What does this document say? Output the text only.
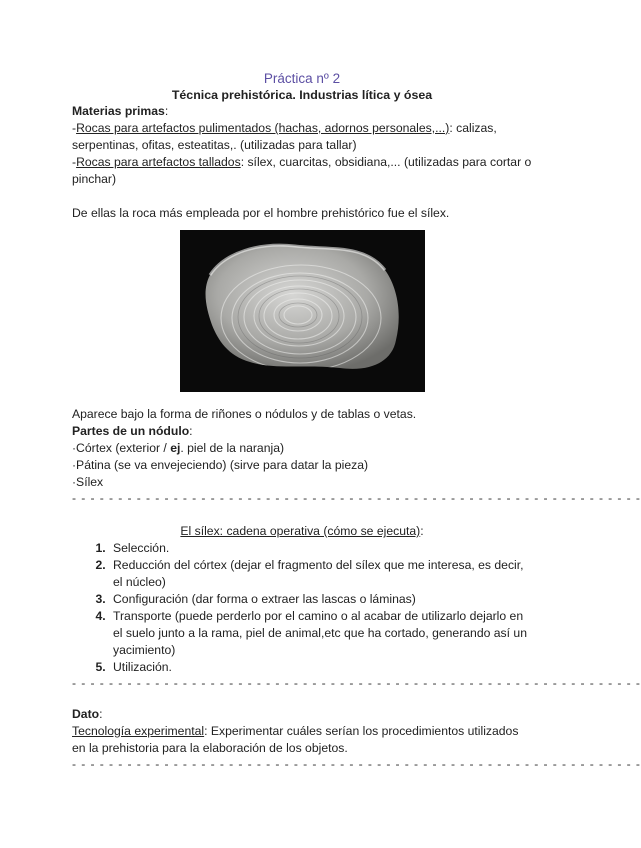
Práctica nº 2
Técnica prehistórica. Industrias lítica y ósea

Materias primas:

-Rocas para artefactos pulimentados (hachas, adornos personales,...): calizas, serpentinas, ofitas, esteatitas,. (utilizadas para tallar)

-Rocas para artefactos tallados: sílex, cuarcitas, obsidiana,... (utilizadas para cortar o pinchar)

De ellas la roca más empleada por el hombre prehistórico fue el sílex.

Aparece bajo la forma de riñones o nódulos y de tablas o vetas.

Partes de un nódulo:

·Córtex (exterior / ej. piel de la naranja)

·Pátina (se va envejeciendo) (sirve para datar la pieza)

·Sílex

- - - - - - - - - - - - - - - - - - - - - - - - - - - - - - - - - - - - - - - - - - - - - - - - - - - - - - - - - - - - - -

El sílex: cadena operativa (cómo se ejecuta):

1. Selección.
2. Reducción del córtex (dejar el fragmento del sílex que me interesa, es decir, el núcleo)
3. Configuración (dar forma o extraer las lascas o láminas)
4. Transporte (puede perderlo por el camino o al acabar de utilizarlo dejarlo en el suelo junto a la rama, piel de animal,etc que ha cortado, generando así un yacimiento)
5. Utilización.
- - - - - - - - - - - - - - - - - - - - - - - - - - - - - - - - - - - - - - - - - - - - - - - - - - - - - - - - - - - - - -

Dato:

Tecnología experimental: Experimentar cuáles serían los procedimientos utilizados en la prehistoria para la elaboración de los objetos.

- - - - - - - - - - - - - - - - - - - - - - - - - - - - - - - - - - - - - - - - - - - - - - - - - - - - - - - - - - - - - -
